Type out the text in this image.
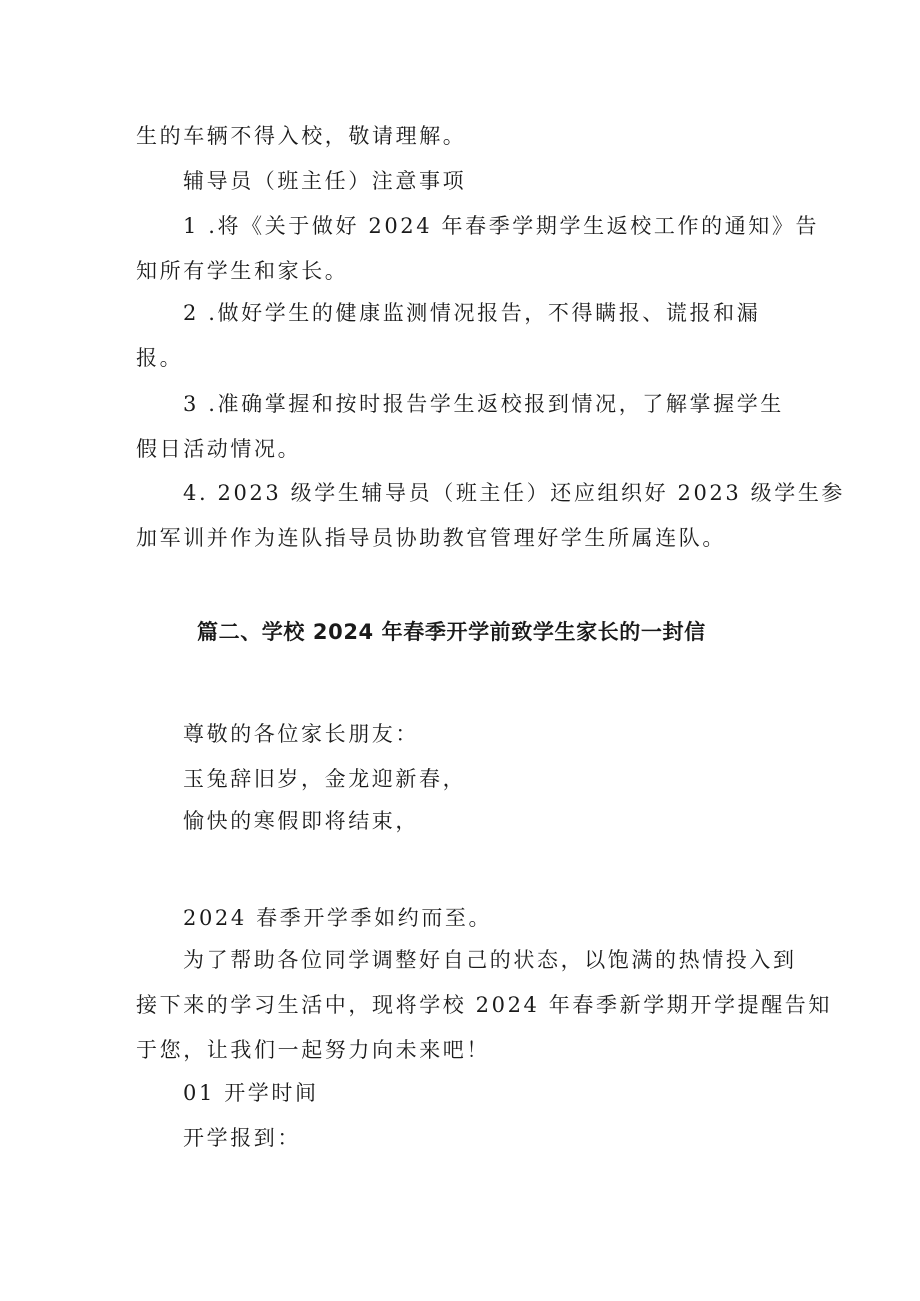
生的车辆不得入校，敬请理解。
辅导员（班主任）注意事项
1 .将《关于做好 2024 年春季学期学生返校工作的通知》告
知所有学生和家长。
2 .做好学生的健康监测情况报告，不得瞒报、谎报和漏
报。
3 .准确掌握和按时报告学生返校报到情况，了解掌握学生
假日活动情况。
4. 2023 级学生辅导员（班主任）还应组织好 2023 级学生参
加军训并作为连队指导员协助教官管理好学生所属连队。
篇二、学校 2024 年春季开学前致学生家长的一封信
尊敬的各位家长朋友：
玉兔辞旧岁，金龙迎新春，
愉快的寒假即将结束，
2024 春季开学季如约而至。
为了帮助各位同学调整好自己的状态，以饱满的热情投入到
接下来的学习生活中，现将学校 2024 年春季新学期开学提醒告知
于您，让我们一起努力向未来吧！
01 开学时间
开学报到：
